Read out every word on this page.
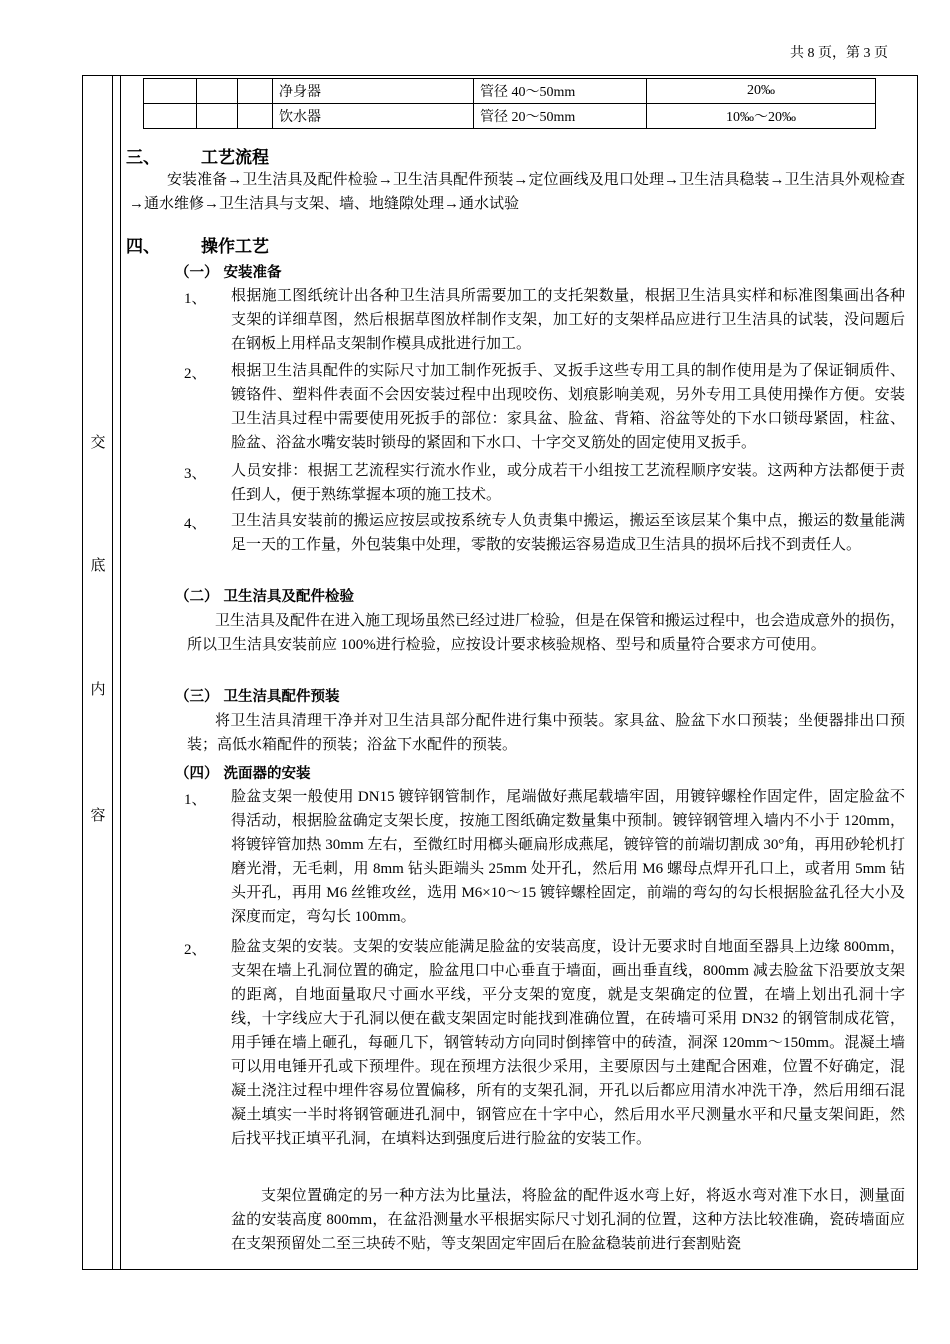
共 8 页，第 3 页
交
底
内
容
			净身器	管径 40～50mm	20‰
			饮水器	管径 20～50mm	10‰～20‰
三、 工艺流程
安装准备→卫生洁具及配件检验→卫生洁具配件预装→定位画线及甩口处理→卫生洁具稳装→卫生洁具外观检查→通水维修→卫生洁具与支架、墙、地缝隙处理→通水试验
四、 操作工艺
（一） 安装准备
1、 根据施工图纸统计出各种卫生洁具所需要加工的支托架数量，根据卫生洁具实样和标准图集画出各种支架的详细草图，然后根据草图放样制作支架，加工好的支架样品应进行卫生洁具的试装，没问题后在钢板上用样品支架制作模具成批进行加工。
2、 根据卫生洁具配件的实际尺寸加工制作死扳手、叉扳手这些专用工具的制作使用是为了保证铜质件、镀铬件、塑料件表面不会因安装过程中出现咬伤、划痕影响美观，另外专用工具使用操作方便。安装卫生洁具过程中需要使用死扳手的部位：家具盆、脸盆、背箱、浴盆等处的下水口锁母紧固，柱盆、脸盆、浴盆水嘴安装时锁母的紧固和下水口、十字交叉筋处的固定使用叉扳手。
3、 人员安排：根据工艺流程实行流水作业，或分成若干小组按工艺流程顺序安装。这两种方法都便于责任到人，便于熟练掌握本项的施工技术。
4、 卫生洁具安装前的搬运应按层或按系统专人负责集中搬运，搬运至该层某个集中点，搬运的数量能满足一天的工作量，外包装集中处理，零散的安装搬运容易造成卫生洁具的损坏后找不到责任人。
（二） 卫生洁具及配件检验
卫生洁具及配件在进入施工现场虽然已经过进厂检验，但是在保管和搬运过程中，也会造成意外的损伤，所以卫生洁具安装前应 100%进行检验，应按设计要求核验规格、型号和质量符合要求方可使用。
（三） 卫生洁具配件预装
将卫生洁具清理干净并对卫生洁具部分配件进行集中预装。家具盆、脸盆下水口预装；坐便器排出口预装；高低水箱配件的预装；浴盆下水配件的预装。
（四） 洗面器的安装
1、 脸盆支架一般使用 DN15 镀锌钢管制作，尾端做好燕尾载墙牢固，用镀锌螺栓作固定件，固定脸盆不得活动，根据脸盆确定支架长度，按施工图纸确定数量集中预制。镀锌钢管埋入墙内不小于 120mm，将镀锌管加热 30mm 左右，至微红时用榔头砸扁形成燕尾，镀锌管的前端切割成 30°角，再用砂轮机打磨光滑，无毛刺，用 8mm 钻头距端头 25mm 处开孔，然后用 M6 螺母点焊开孔口上，或者用 5mm 钻头开孔，再用 M6 丝锥攻丝，选用 M6×10～15 镀锌螺栓固定，前端的弯勾的勾长根据脸盆孔径大小及深度而定，弯勾长 100mm。
2、 脸盆支架的安装。支架的安装应能满足脸盆的安装高度，设计无要求时自地面至器具上边缘 800mm，支架在墙上孔洞位置的确定，脸盆甩口中心垂直于墙面，画出垂直线，800mm 减去脸盆下沿要放支架的距离，自地面量取尺寸画水平线，平分支架的宽度，就是支架确定的位置，在墙上划出孔洞十字线，十字线应大于孔洞以便在截支架固定时能找到准确位置，在砖墙可采用 DN32 的钢管制成花管，用手锤在墙上砸孔，每砸几下，钢管转动方向同时倒摔管中的砖渣，洞深 120mm～150mm。混凝土墙可以用电锤开孔或下预埋件。现在预埋方法很少采用，主要原因与土建配合困难，位置不好确定，混凝土浇注过程中埋件容易位置偏移，所有的支架孔洞，开孔以后都应用清水冲洗干净，然后用细石混凝土填实一半时将钢管砸进孔洞中，钢管应在十字中心，然后用水平尺测量水平和尺量支架间距，然后找平找正填平孔洞，在填料达到强度后进行脸盆的安装工作。
支架位置确定的另一种方法为比量法，将脸盆的配件返水弯上好，将返水弯对准下水日，测量面盆的安装高度 800mm，在盆沿测量水平根据实际尺寸划孔洞的位置，这种方法比较准确，瓷砖墙面应在支架预留处二至三块砖不贴，等支架固定牢固后在脸盆稳装前进行套割贴瓷
